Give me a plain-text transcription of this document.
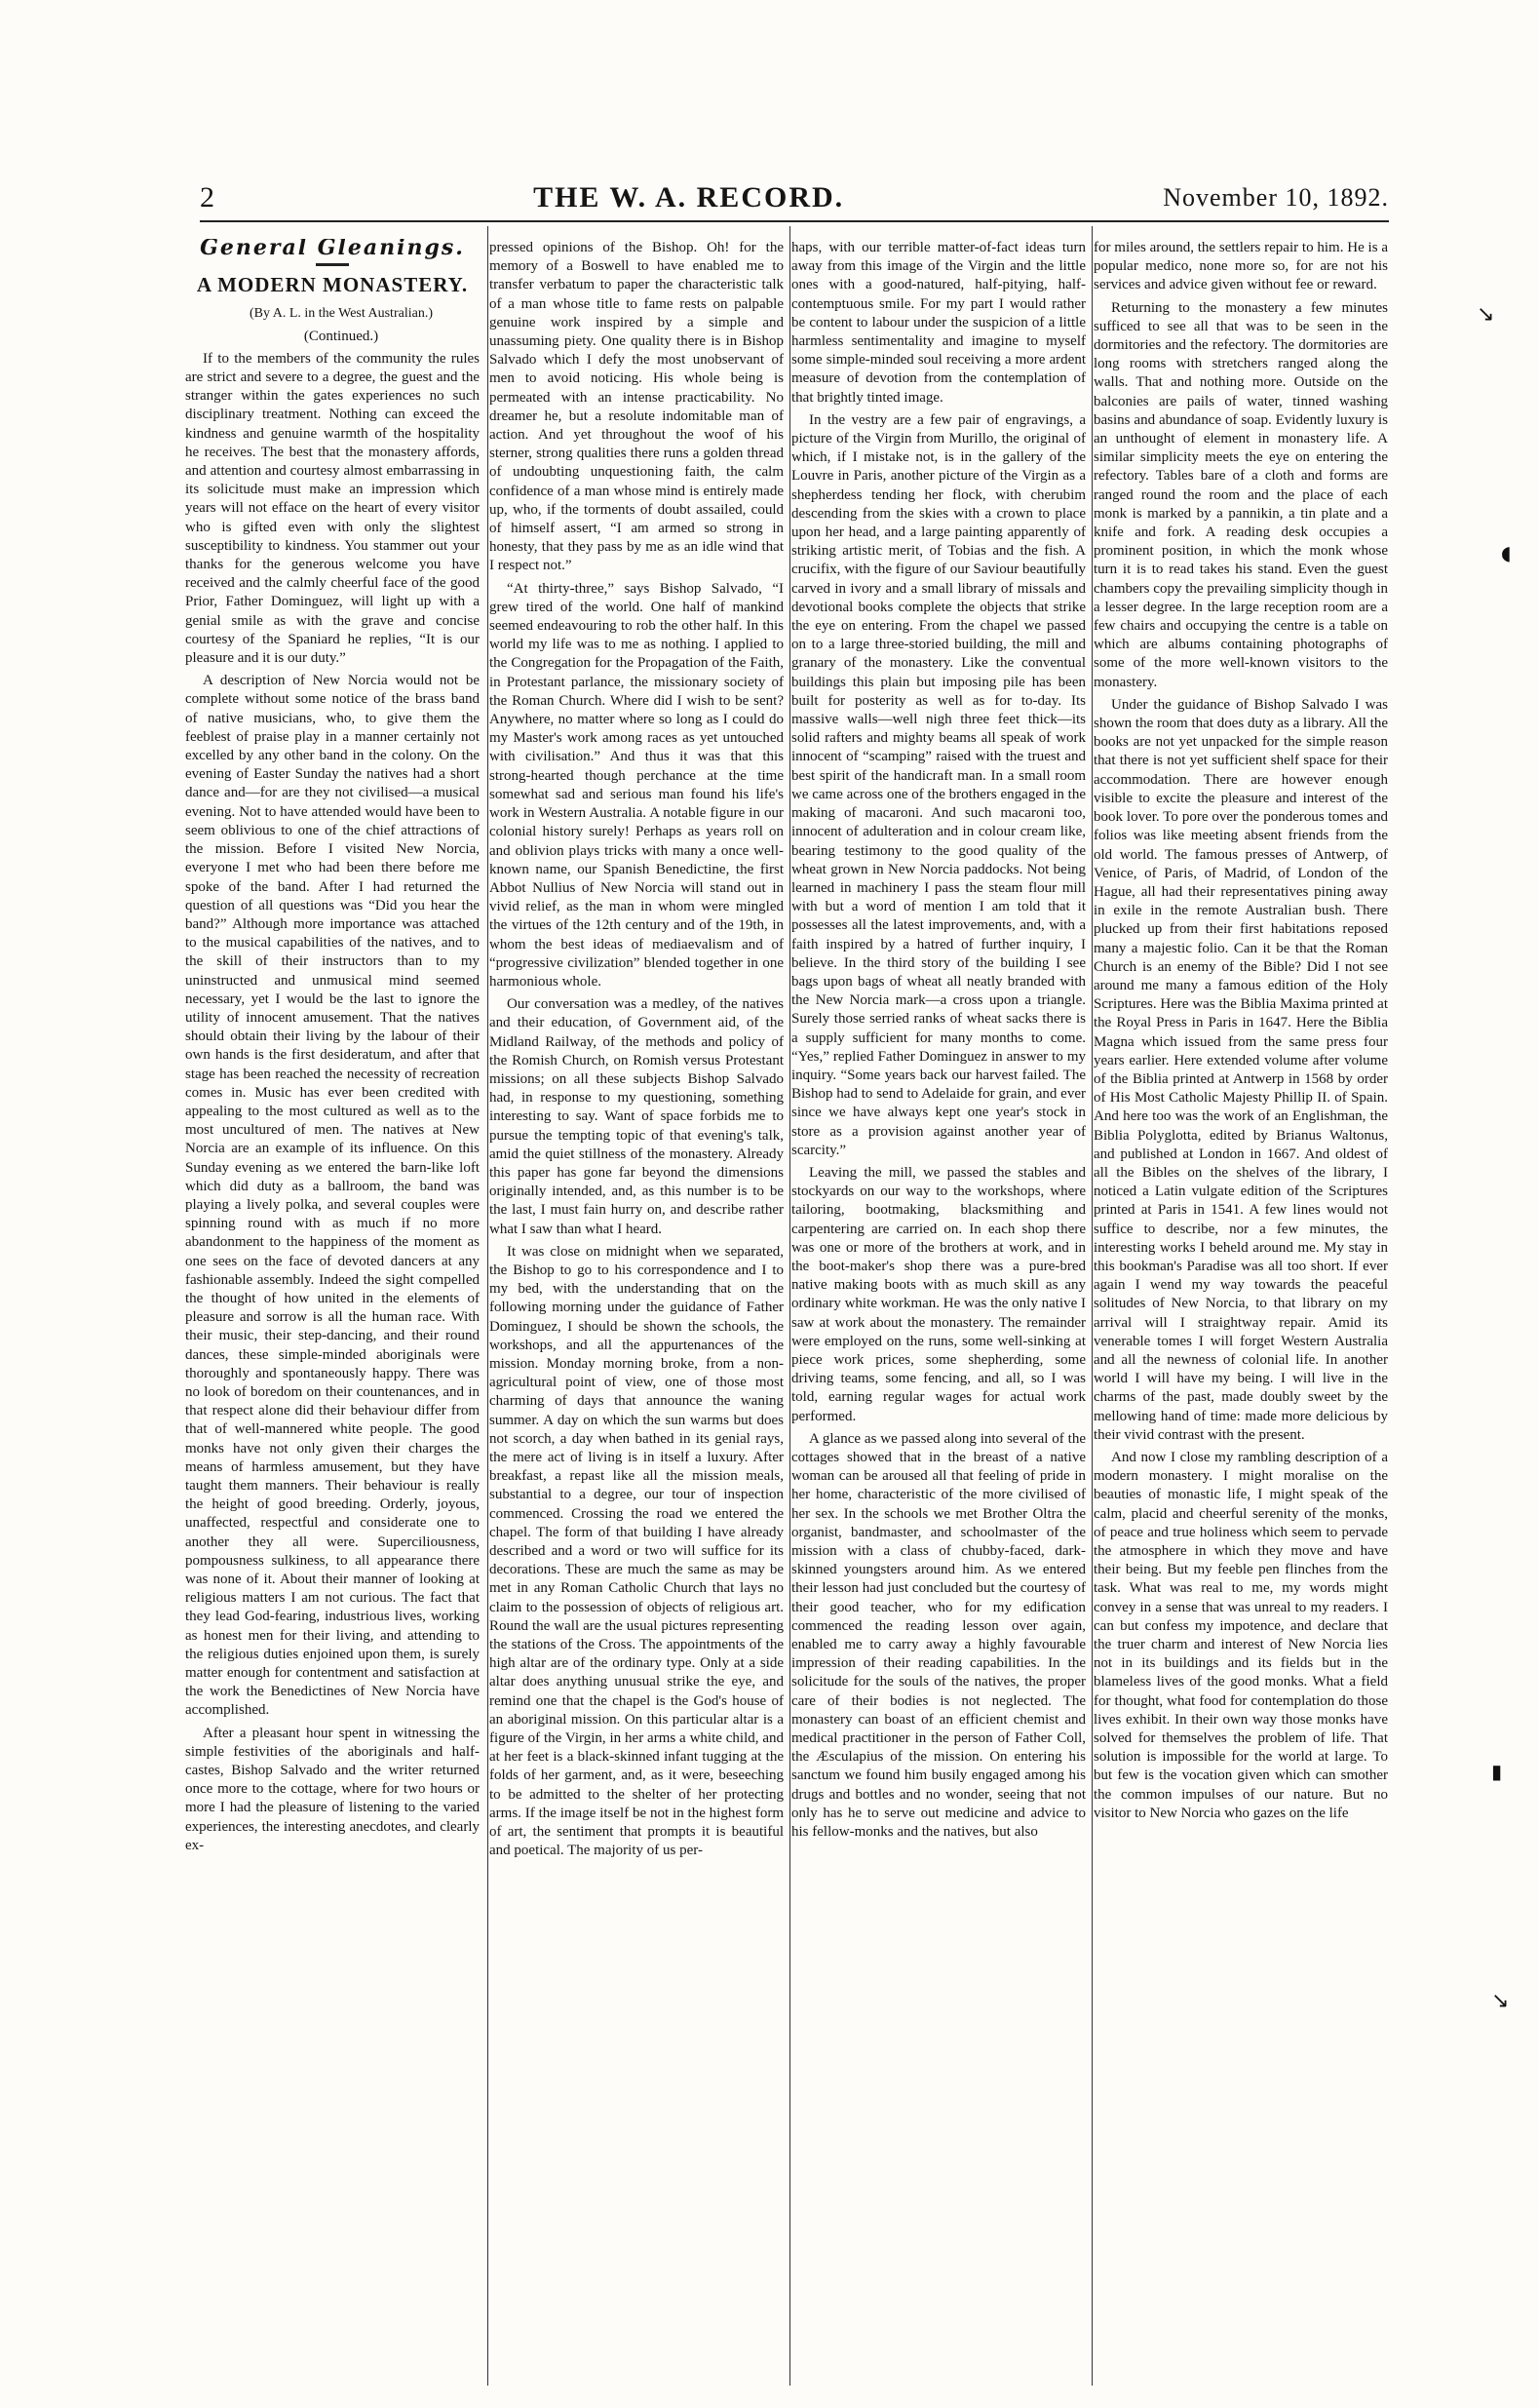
2	THE W. A. RECORD.	November 10, 1892.
General Gleanings.
A MODERN MONASTERY.

(By A. L. in the West Australian.)

(Continued.)

If to the members of the community the rules are strict and severe to a degree, the guest and the stranger within the gates experiences no such disciplinary treatment. Nothing can exceed the kindness and genuine warmth of the hospitality he receives. The best that the monastery affords, and attention and courtesy almost embarrassing in its solicitude must make an impression which years will not efface on the heart of every visitor who is gifted even with only the slightest susceptibility to kindness. You stammer out your thanks for the generous welcome you have received and the calmly cheerful face of the good Prior, Father Dominguez, will light up with a genial smile as with the grave and concise courtesy of the Spaniard he replies, “It is our pleasure and it is our duty.”

A description of New Norcia would not be complete without some notice of the brass band of native musicians, who, to give them the feeblest of praise play in a manner certainly not excelled by any other band in the colony. On the evening of Easter Sunday the natives had a short dance and—for are they not civilised—a musical evening. Not to have attended would have been to seem oblivious to one of the chief attractions of the mission. Before I visited New Norcia, everyone I met who had been there before me spoke of the band. After I had returned the question of all questions was “Did you hear the band?” Although more importance was attached to the musical capabilities of the natives, and to the skill of their instructors than to my uninstructed and unmusical mind seemed necessary, yet I would be the last to ignore the utility of innocent amusement. That the natives should obtain their living by the labour of their own hands is the first desideratum, and after that stage has been reached the necessity of recreation comes in. Music has ever been credited with appealing to the most cultured as well as to the most uncultured of men. The natives at New Norcia are an example of its influence. On this Sunday evening as we entered the barn-like loft which did duty as a ballroom, the band was playing a lively polka, and several couples were spinning round with as much if no more abandonment to the happiness of the moment as one sees on the face of devoted dancers at any fashionable assembly. Indeed the sight compelled the thought of how united in the elements of pleasure and sorrow is all the human race. With their music, their step-dancing, and their round dances, these simple-minded aboriginals were thoroughly and spontaneously happy. There was no look of boredom on their countenances, and in that respect alone did their behaviour differ from that of well-mannered white people. The good monks have not only given their charges the means of harmless amusement, but they have taught them manners. Their behaviour is really the height of good breeding. Orderly, joyous, unaffected, respectful and considerate one to another they all were. Superciliousness, pompousness sulkiness, to all appearance there was none of it. About their manner of looking at religious matters I am not curious. The fact that they lead God-fearing, industrious lives, working as honest men for their living, and attending to the religious duties enjoined upon them, is surely matter enough for contentment and satisfaction at the work the Benedictines of New Norcia have accomplished.

After a pleasant hour spent in witnessing the simple festivities of the aboriginals and half-castes, Bishop Salvado and the writer returned once more to the cottage, where for two hours or more I had the pleasure of listening to the varied experiences, the interesting anecdotes, and clearly ex-

pressed opinions of the Bishop. Oh! for the memory of a Boswell to have enabled me to transfer verbatum to paper the characteristic talk of a man whose title to fame rests on palpable genuine work inspired by a simple and unassuming piety. One quality there is in Bishop Salvado which I defy the most unobservant of men to avoid noticing. His whole being is permeated with an intense practicability. No dreamer he, but a resolute indomitable man of action. And yet throughout the woof of his sterner, strong qualities there runs a golden thread of undoubting unquestioning faith, the calm confidence of a man whose mind is entirely made up, who, if the torments of doubt assailed, could of himself assert, “I am armed so strong in honesty, that they pass by me as an idle wind that I respect not.”

“At thirty-three,” says Bishop Salvado, “I grew tired of the world. One half of mankind seemed endeavouring to rob the other half. In this world my life was to me as nothing. I applied to the Congregation for the Propagation of the Faith, in Protestant parlance, the missionary society of the Roman Church. Where did I wish to be sent? Anywhere, no matter where so long as I could do my Master's work among races as yet untouched with civilisation.” And thus it was that this strong-hearted though perchance at the time somewhat sad and serious man found his life's work in Western Australia. A notable figure in our colonial history surely! Perhaps as years roll on and oblivion plays tricks with many a once well-known name, our Spanish Benedictine, the first Abbot Nullius of New Norcia will stand out in vivid relief, as the man in whom were mingled the virtues of the 12th century and of the 19th, in whom the best ideas of mediaevalism and of “progressive civilization” blended together in one harmonious whole.

Our conversation was a medley, of the natives and their education, of Government aid, of the Midland Railway, of the methods and policy of the Romish Church, on Romish versus Protestant missions; on all these subjects Bishop Salvado had, in response to my questioning, something interesting to say. Want of space forbids me to pursue the tempting topic of that evening's talk, amid the quiet stillness of the monastery. Already this paper has gone far beyond the dimensions originally intended, and, as this number is to be the last, I must fain hurry on, and describe rather what I saw than what I heard.

It was close on midnight when we separated, the Bishop to go to his correspondence and I to my bed, with the understanding that on the following morning under the guidance of Father Dominguez, I should be shown the schools, the workshops, and all the appurtenances of the mission. Monday morning broke, from a non-agricultural point of view, one of those most charming of days that announce the waning summer. A day on which the sun warms but does not scorch, a day when bathed in its genial rays, the mere act of living is in itself a luxury. After breakfast, a repast like all the mission meals, substantial to a degree, our tour of inspection commenced. Crossing the road we entered the chapel. The form of that building I have already described and a word or two will suffice for its decorations. These are much the same as may be met in any Roman Catholic Church that lays no claim to the possession of objects of religious art. Round the wall are the usual pictures representing the stations of the Cross. The appointments of the high altar are of the ordinary type. Only at a side altar does anything unusual strike the eye, and remind one that the chapel is the God's house of an aboriginal mission. On this particular altar is a figure of the Virgin, in her arms a white child, and at her feet is a black-skinned infant tugging at the folds of her garment, and, as it were, beseeching to be admitted to the shelter of her protecting arms. If the image itself be not in the highest form of art, the sentiment that prompts it is beautiful and poetical. The majority of us per-

haps, with our terrible matter-of-fact ideas turn away from this image of the Virgin and the little ones with a good-natured, half-pitying, half-contemptuous smile. For my part I would rather be content to labour under the suspicion of a little harmless sentimentality and imagine to myself some simple-minded soul receiving a more ardent measure of devotion from the contemplation of that brightly tinted image.

In the vestry are a few pair of engravings, a picture of the Virgin from Murillo, the original of which, if I mistake not, is in the gallery of the Louvre in Paris, another picture of the Virgin as a shepherdess tending her flock, with cherubim descending from the skies with a crown to place upon her head, and a large painting apparently of striking artistic merit, of Tobias and the fish. A crucifix, with the figure of our Saviour beautifully carved in ivory and a small library of missals and devotional books complete the objects that strike the eye on entering. From the chapel we passed on to a large three-storied building, the mill and granary of the monastery. Like the conventual buildings this plain but imposing pile has been built for posterity as well as for to-day. Its massive walls—well nigh three feet thick—its solid rafters and mighty beams all speak of work innocent of “scamping” raised with the truest and best spirit of the handicraft man. In a small room we came across one of the brothers engaged in the making of macaroni. And such macaroni too, innocent of adulteration and in colour cream like, bearing testimony to the good quality of the wheat grown in New Norcia paddocks. Not being learned in machinery I pass the steam flour mill with but a word of mention I am told that it possesses all the latest improvements, and, with a faith inspired by a hatred of further inquiry, I believe. In the third story of the building I see bags upon bags of wheat all neatly branded with the New Norcia mark—a cross upon a triangle. Surely those serried ranks of wheat sacks there is a supply sufficient for many months to come. “Yes,” replied Father Dominguez in answer to my inquiry. “Some years back our harvest failed. The Bishop had to send to Adelaide for grain, and ever since we have always kept one year's stock in store as a provision against another year of scarcity.”

Leaving the mill, we passed the stables and stockyards on our way to the workshops, where tailoring, bootmaking, blacksmithing and carpentering are carried on. In each shop there was one or more of the brothers at work, and in the boot-maker's shop there was a pure-bred native making boots with as much skill as any ordinary white workman. He was the only native I saw at work about the monastery. The remainder were employed on the runs, some well-sinking at piece work prices, some shepherding, some driving teams, some fencing, and all, so I was told, earning regular wages for actual work performed.

A glance as we passed along into several of the cottages showed that in the breast of a native woman can be aroused all that feeling of pride in her home, characteristic of the more civilised of her sex. In the schools we met Brother Oltra the organist, bandmaster, and schoolmaster of the mission with a class of chubby-faced, dark-skinned youngsters around him. As we entered their lesson had just concluded but the courtesy of their good teacher, who for my edification commenced the reading lesson over again, enabled me to carry away a highly favourable impression of their reading capabilities. In the solicitude for the souls of the natives, the proper care of their bodies is not neglected. The monastery can boast of an efficient chemist and medical practitioner in the person of Father Coll, the Æsculapius of the mission. On entering his sanctum we found him busily engaged among his drugs and bottles and no wonder, seeing that not only has he to serve out medicine and advice to his fellow-monks and the natives, but also

for miles around, the settlers repair to him. He is a popular medico, none more so, for are not his services and advice given without fee or reward.

Returning to the monastery a few minutes sufficed to see all that was to be seen in the dormitories and the refectory. The dormitories are long rooms with stretchers ranged along the walls. That and nothing more. Outside on the balconies are pails of water, tinned washing basins and abundance of soap. Evidently luxury is an unthought of element in monastery life. A similar simplicity meets the eye on entering the refectory. Tables bare of a cloth and forms are ranged round the room and the place of each monk is marked by a pannikin, a tin plate and a knife and fork. A reading desk occupies a prominent position, in which the monk whose turn it is to read takes his stand. Even the guest chambers copy the prevailing simplicity though in a lesser degree. In the large reception room are a few chairs and occupying the centre is a table on which are albums containing photographs of some of the more well-known visitors to the monastery.

Under the guidance of Bishop Salvado I was shown the room that does duty as a library. All the books are not yet unpacked for the simple reason that there is not yet sufficient shelf space for their accommodation. There are however enough visible to excite the pleasure and interest of the book lover. To pore over the ponderous tomes and folios was like meeting absent friends from the old world. The famous presses of Antwerp, of Venice, of Paris, of Madrid, of London of the Hague, all had their representatives pining away in exile in the remote Australian bush. There plucked up from their first habitations reposed many a majestic folio. Can it be that the Roman Church is an enemy of the Bible? Did I not see around me many a famous edition of the Holy Scriptures. Here was the Biblia Maxima printed at the Royal Press in Paris in 1647. Here the Biblia Magna which issued from the same press four years earlier. Here extended volume after volume of the Biblia printed at Antwerp in 1568 by order of His Most Catholic Majesty Phillip II. of Spain. And here too was the work of an Englishman, the Biblia Polyglotta, edited by Brianus Waltonus, and published at London in 1667. And oldest of all the Bibles on the shelves of the library, I noticed a Latin vulgate edition of the Scriptures printed at Paris in 1541. A few lines would not suffice to describe, nor a few minutes, the interesting works I beheld around me. My stay in this bookman's Paradise was all too short. If ever again I wend my way towards the peaceful solitudes of New Norcia, to that library on my arrival will I straightway repair. Amid its venerable tomes I will forget Western Australia and all the newness of colonial life. In another world I will have my being. I will live in the charms of the past, made doubly sweet by the mellowing hand of time: made more delicious by their vivid contrast with the present.

And now I close my rambling description of a modern monastery. I might moralise on the beauties of monastic life, I might speak of the calm, placid and cheerful serenity of the monks, of peace and true holiness which seem to pervade the atmosphere in which they move and have their being. But my feeble pen flinches from the task. What was real to me, my words might convey in a sense that was unreal to my readers. I can but confess my impotence, and declare that the truer charm and interest of New Norcia lies not in its buildings and its fields but in the blameless lives of the good monks. What a field for thought, what food for contemplation do those lives exhibit. In their own way those monks have solved for themselves the problem of life. That solution is impossible for the world at large. To but few is the vocation given which can smother the common impulses of our nature. But no visitor to New Norcia who gazes on the life

↘
◖
▮
↘
